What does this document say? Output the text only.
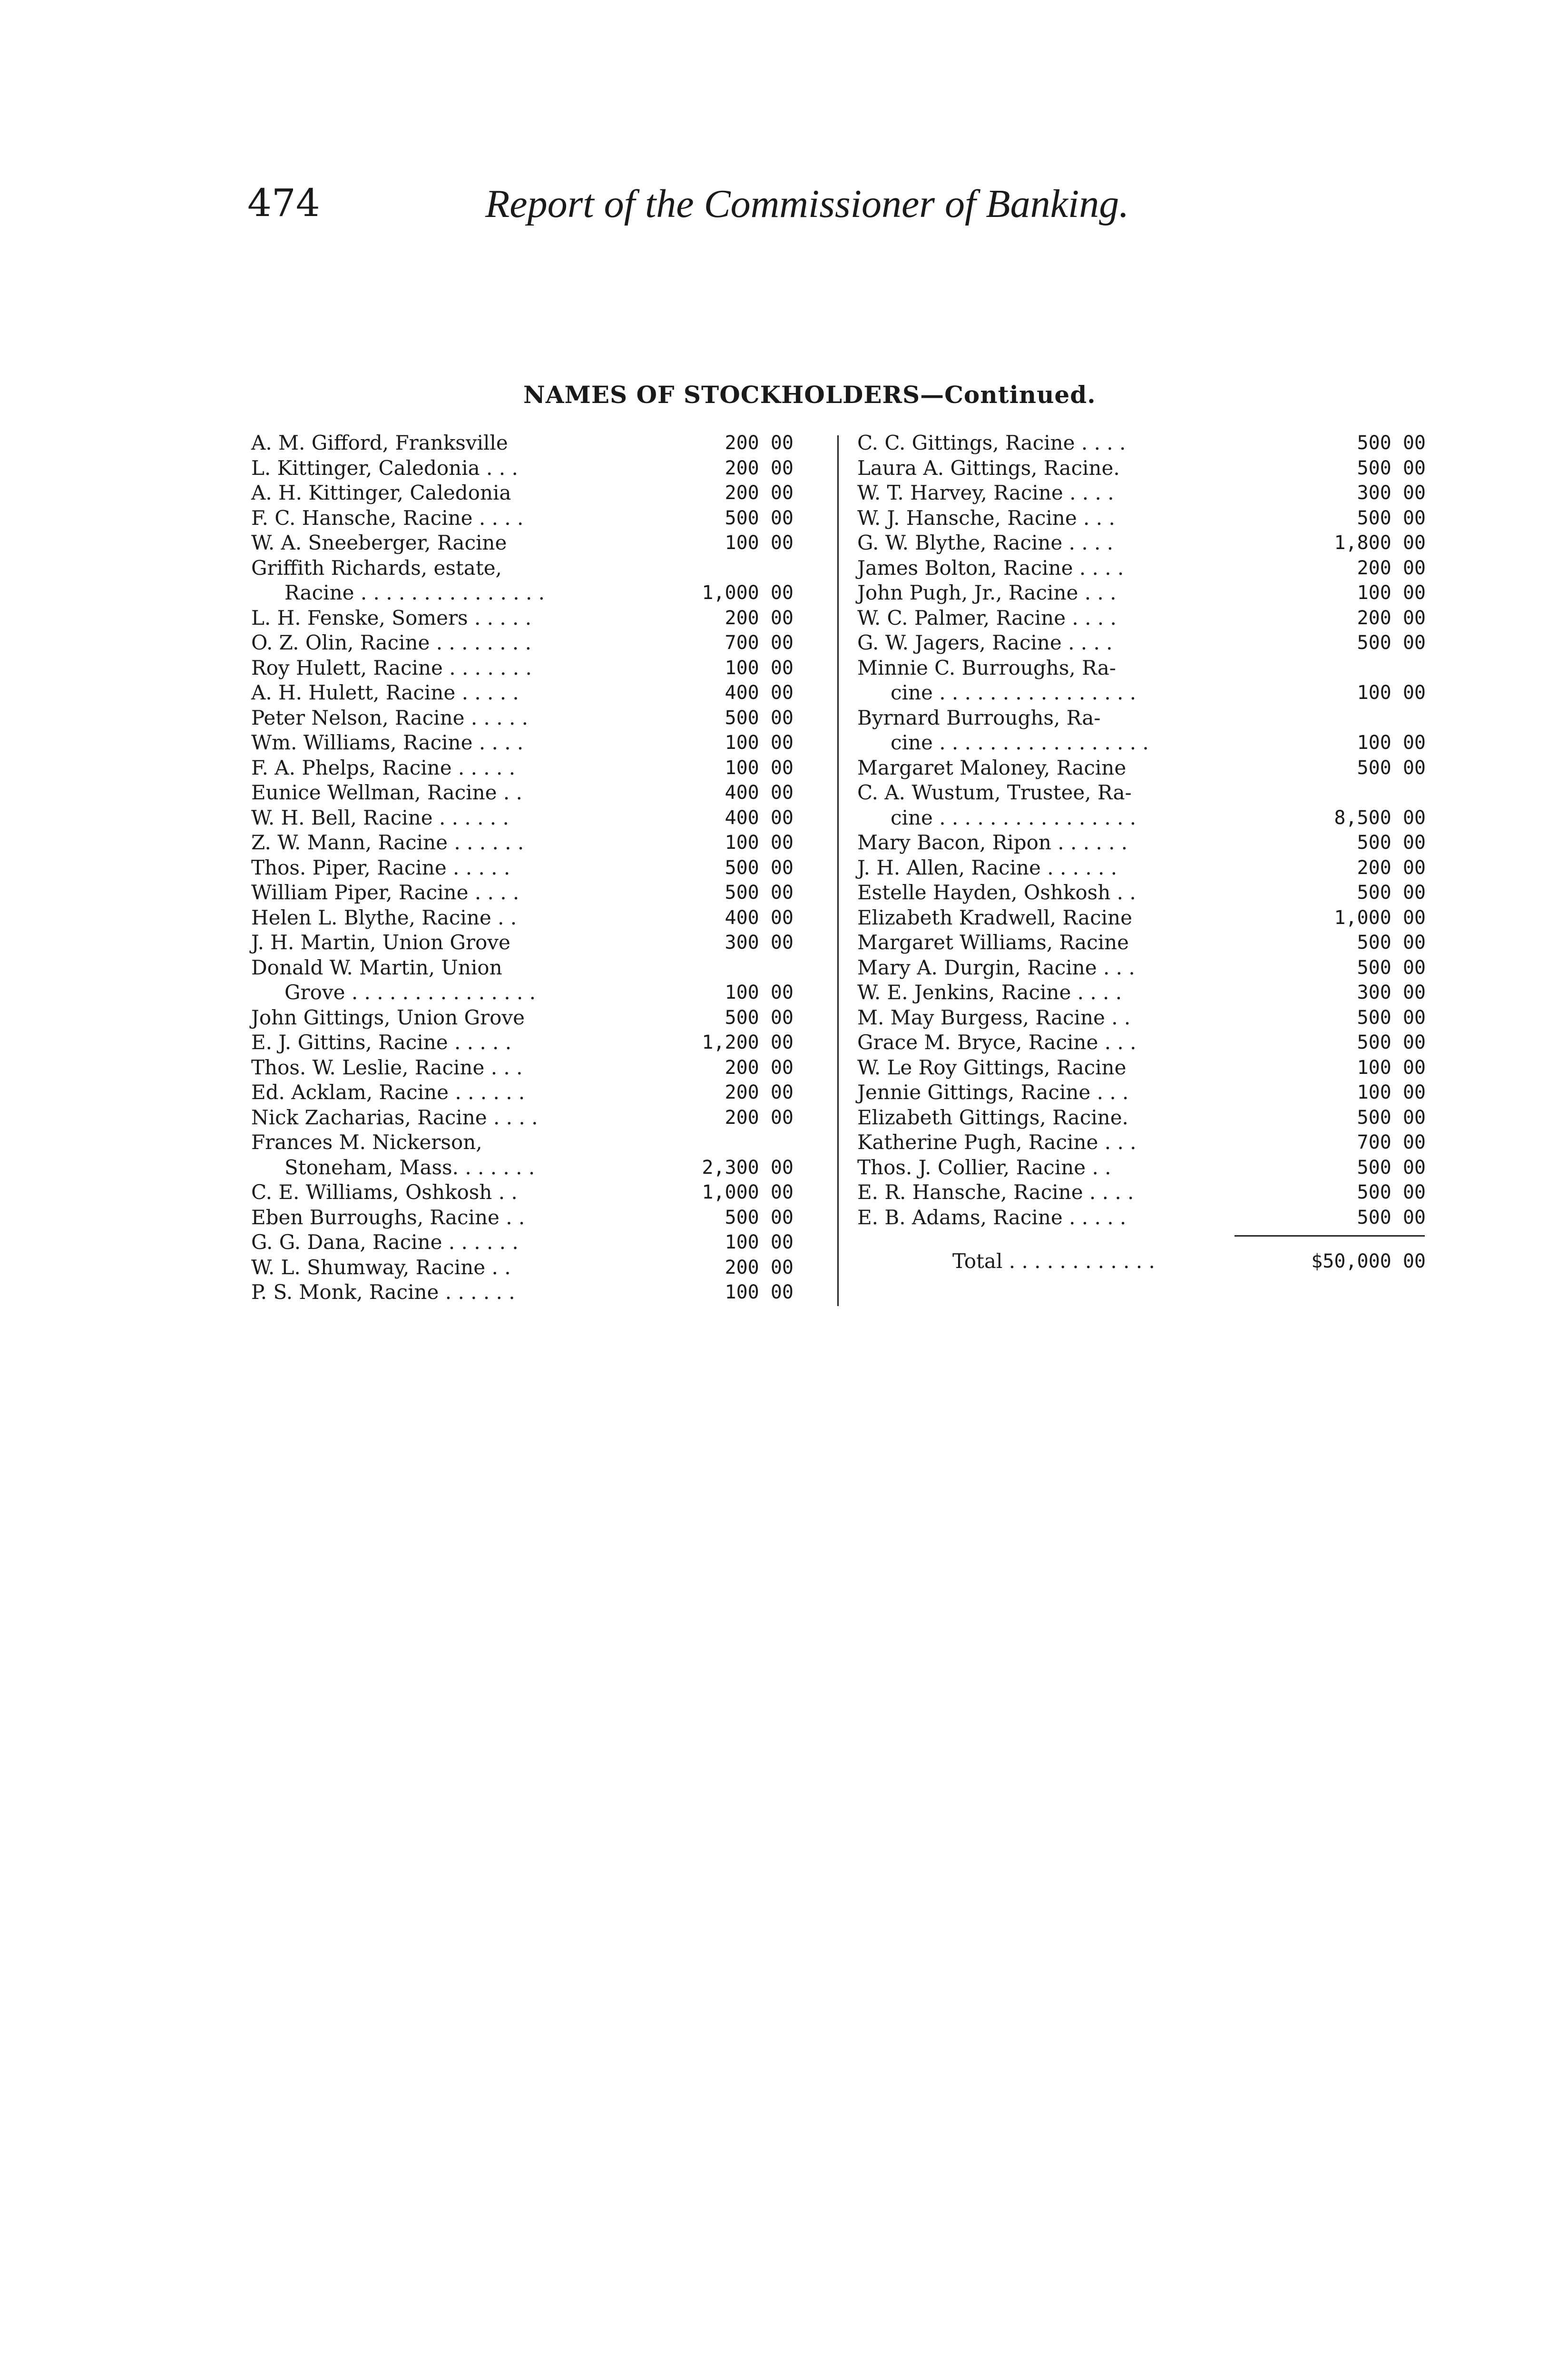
474	Report of the Commissioner of Banking.
NAMES OF STOCKHOLDERS—Continued.
A. M. Gifford, Franksville	200 00
L. Kittinger, Caledonia . . .	200 00
A. H. Kittinger, Caledonia	200 00
F. C. Hansche, Racine . . . .	500 00
W. A. Sneeberger, Racine	100 00
Griffith Richards, estate,
Racine . . . . . . . . . . . . . . .	1,000 00
L. H. Fenske, Somers . . . . .	200 00
O. Z. Olin, Racine . . . . . . . .	700 00
Roy Hulett, Racine . . . . . . .	100 00
A. H. Hulett, Racine . . . . .	400 00
Peter Nelson, Racine . . . . .	500 00
Wm. Williams, Racine . . . .	100 00
F. A. Phelps, Racine . . . . .	100 00
Eunice Wellman, Racine . .	400 00
W. H. Bell, Racine . . . . . .	400 00
Z. W. Mann, Racine . . . . . .	100 00
Thos. Piper, Racine . . . . .	500 00
William Piper, Racine . . . .	500 00
Helen L. Blythe, Racine . .	400 00
J. H. Martin, Union Grove	300 00
Donald W. Martin, Union
Grove . . . . . . . . . . . . . . .	100 00
John Gittings, Union Grove	500 00
E. J. Gittins, Racine . . . . .	1,200 00
Thos. W. Leslie, Racine . . .	200 00
Ed. Acklam, Racine . . . . . .	200 00
Nick Zacharias, Racine . . . .	200 00
Frances M. Nickerson,
Stoneham, Mass. . . . . . .	2,300 00
C. E. Williams, Oshkosh . .	1,000 00
Eben Burroughs, Racine . .	500 00
G. G. Dana, Racine . . . . . .	100 00
W. L. Shumway, Racine . .	200 00
P. S. Monk, Racine . . . . . .	100 00
C. C. Gittings, Racine . . . .	500 00
Laura A. Gittings, Racine.	500 00
W. T. Harvey, Racine . . . .	300 00
W. J. Hansche, Racine . . .	500 00
G. W. Blythe, Racine . . . .	1,800 00
James Bolton, Racine . . . .	200 00
John Pugh, Jr., Racine . . .	100 00
W. C. Palmer, Racine . . . .	200 00
G. W. Jagers, Racine . . . .	500 00
Minnie C. Burroughs, Ra-
cine . . . . . . . . . . . . . . . .	100 00
Byrnard Burroughs, Ra-
cine . . . . . . . . . . . . . . . . .	100 00
Margaret Maloney, Racine	500 00
C. A. Wustum, Trustee, Ra-
cine . . . . . . . . . . . . . . . .	8,500 00
Mary Bacon, Ripon . . . . . .	500 00
J. H. Allen, Racine . . . . . .	200 00
Estelle Hayden, Oshkosh . .	500 00
Elizabeth Kradwell, Racine	1,000 00
Margaret Williams, Racine	500 00
Mary A. Durgin, Racine . . .	500 00
W. E. Jenkins, Racine . . . .	300 00
M. May Burgess, Racine . .	500 00
Grace M. Bryce, Racine . . .	500 00
W. Le Roy Gittings, Racine	100 00
Jennie Gittings, Racine . . .	100 00
Elizabeth Gittings, Racine.	500 00
Katherine Pugh, Racine . . .	700 00
Thos. J. Collier, Racine . .	500 00
E. R. Hansche, Racine . . . .	500 00
E. B. Adams, Racine . . . . .	500 00
Total . . . . . . . . . . . .	$50,000 00
